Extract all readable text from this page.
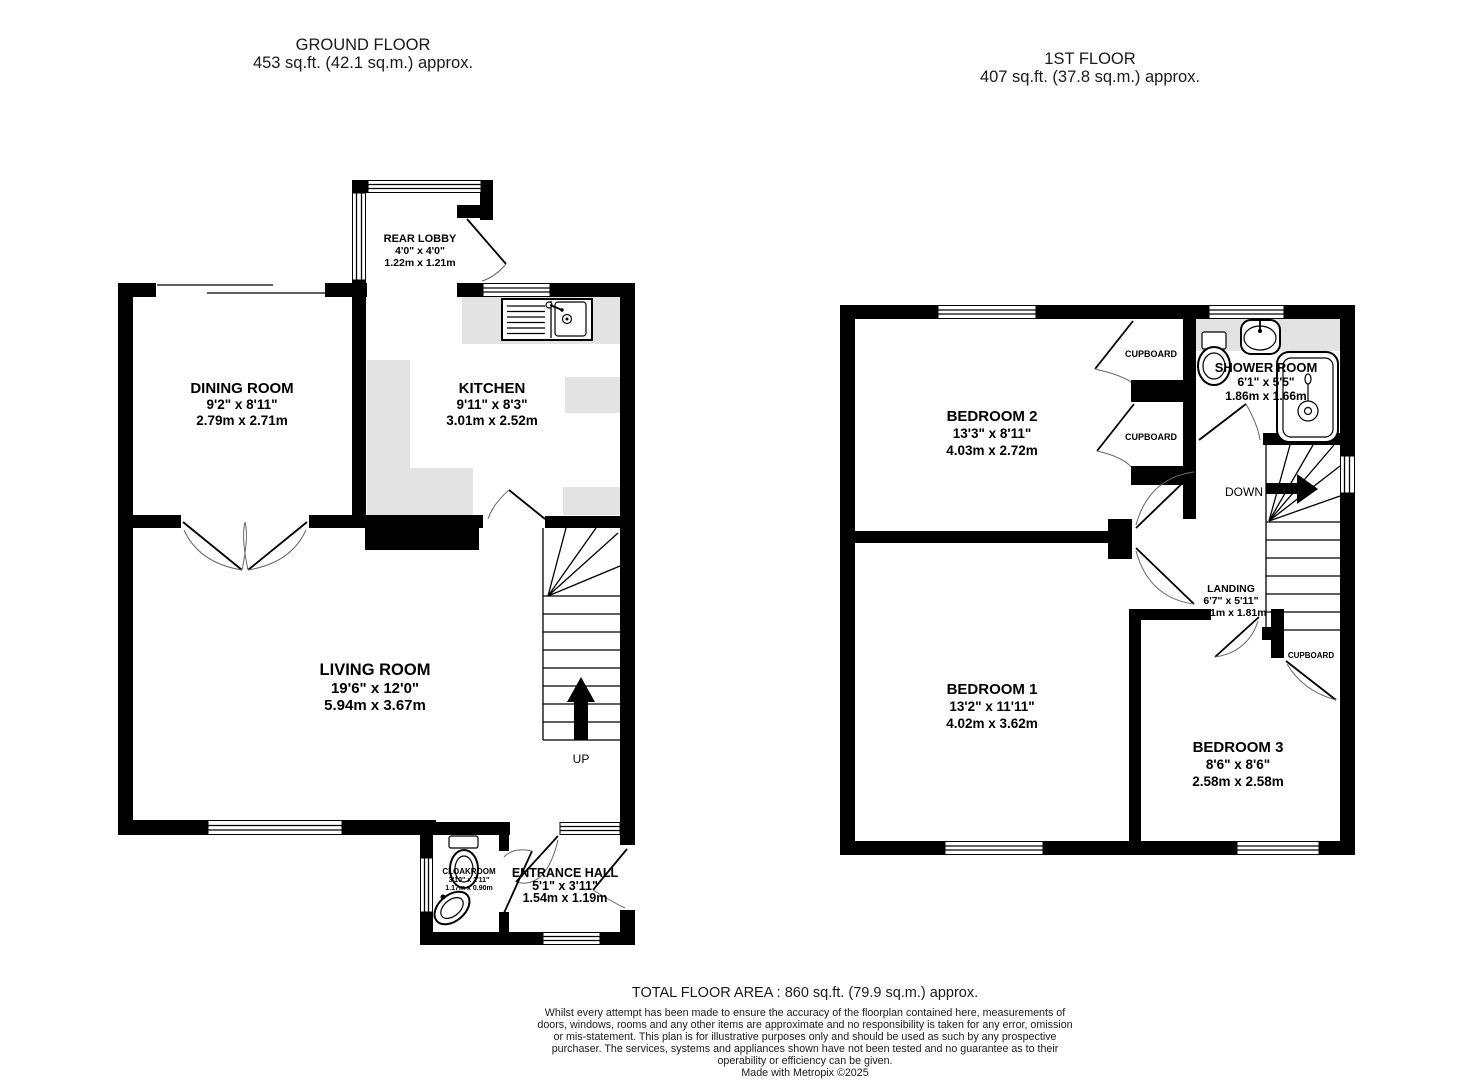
GROUND FLOOR
453 sq.ft. (42.1 sq.m.) approx.	1ST FLOOR
407 sq.ft. (37.8 sq.m.) approx.
REAR LOBBY
4'0" x 4'0"
1.22m x 1.21m
DINING ROOM
9'2" x 8'11"
2.79m x 2.71m
KITCHEN
9'11" x 8'3"
3.01m x 2.52m
LIVING ROOM
19'6" x 12'0"
5.94m x 3.67m
CLOAKROOM
3'10" x 2'11"
1.17m x 0.90m
ENTRANCE HALL
5'1" x 3'11"
1.54m x 1.19m
UP
BEDROOM 2
13'3" x 8'11"
4.03m x 2.72m
CUPBOARD
CUPBOARD
SHOWER ROOM
6'1" x 5'5"
1.86m x 1.66m
DOWN
LANDING
6'7" x 5'11"
2.01m x 1.81m
BEDROOM 1
13'2" x 11'11"
4.02m x 3.62m
BEDROOM 3
8'6" x 8'6"
2.58m x 2.58m
CUPBOARD
TOTAL FLOOR AREA : 860 sq.ft. (79.9 sq.m.) approx.
Whilst every attempt has been made to ensure the accuracy of the floorplan contained here, measurements of doors, windows, rooms and any other items are approximate and no responsibility is taken for any error, omission or mis-statement. This plan is for illustrative purposes only and should be used as such by any prospective purchaser. The services, systems and appliances shown have not been tested and no guarantee as to their operability or efficiency can be given.
Made with Metropix ©2025
